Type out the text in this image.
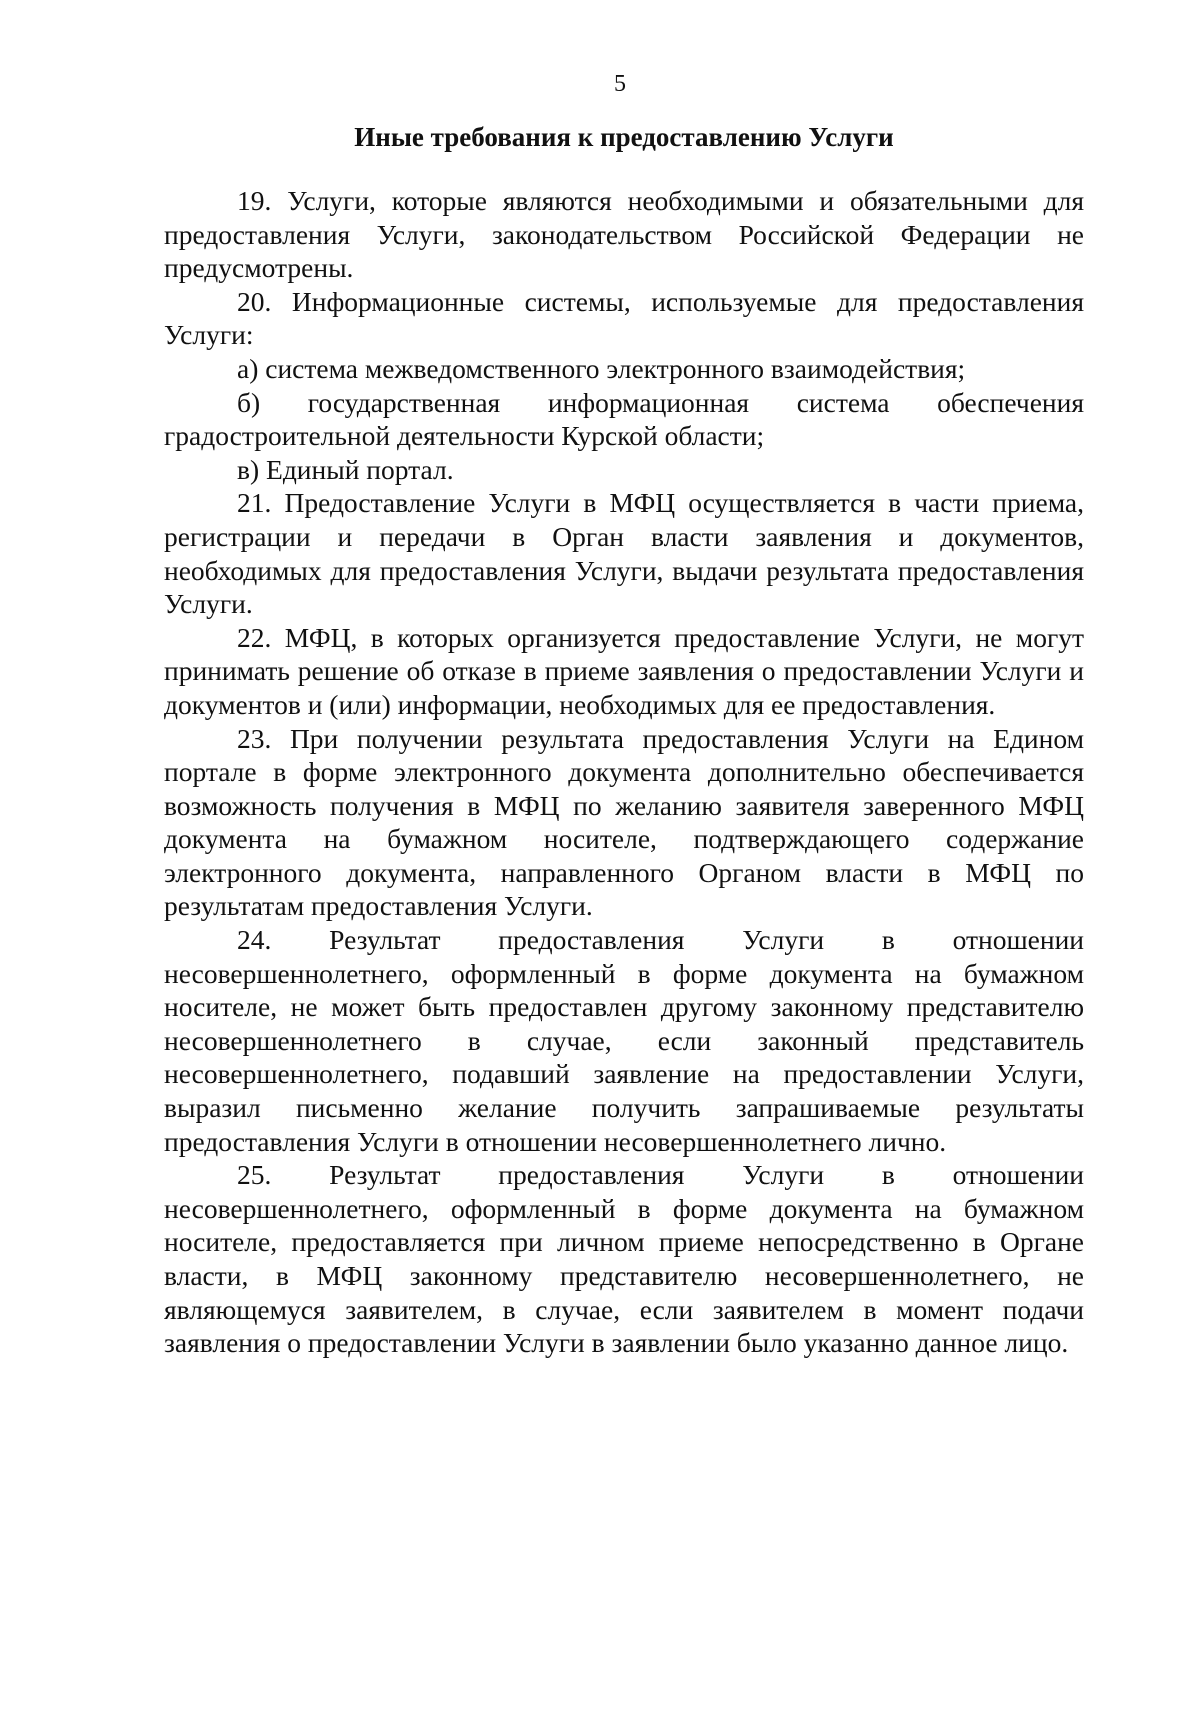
5
Иные требования к предоставлению Услуги

19. Услуги, которые являются необходимыми и обязательными для предоставления Услуги, законодательством Российской Федерации не предусмотрены.

20. Информационные системы, используемые для предоставления Услуги:

а) система межведомственного электронного взаимодействия;

б) государственная информационная система обеспечения градостроительной деятельности Курской области;

в) Единый портал.

21. Предоставление Услуги в МФЦ осуществляется в части приема, регистрации и передачи в Орган власти заявления и документов, необходимых для предоставления Услуги, выдачи результата предоставления Услуги.

22. МФЦ, в которых организуется предоставление Услуги, не могут принимать решение об отказе в приеме заявления о предоставлении Услуги и документов и (или) информации, необходимых для ее предоставления.

23. При получении результата предоставления Услуги на Едином портале в форме электронного документа дополнительно обеспечивается возможность получения в МФЦ по желанию заявителя заверенного МФЦ документа на бумажном носителе, подтверждающего содержание электронного документа, направленного Органом власти в МФЦ по результатам предоставления Услуги.

24. Результат предоставления Услуги в отношении несовершеннолетнего, оформленный в форме документа на бумажном носителе, не может быть предоставлен другому законному представителю несовершеннолетнего в случае, если законный представитель несовершеннолетнего, подавший заявление на предоставлении Услуги, выразил письменно желание получить запрашиваемые результаты предоставления Услуги в отношении несовершеннолетнего лично.

25. Результат предоставления Услуги в отношении несовершеннолетнего, оформленный в форме документа на бумажном носителе, предоставляется при личном приеме непосредственно в Органе власти, в МФЦ законному представителю несовершеннолетнего, не являющемуся заявителем, в случае, если заявителем в момент подачи заявления о предоставлении Услуги в заявлении было указанно данное лицо.
